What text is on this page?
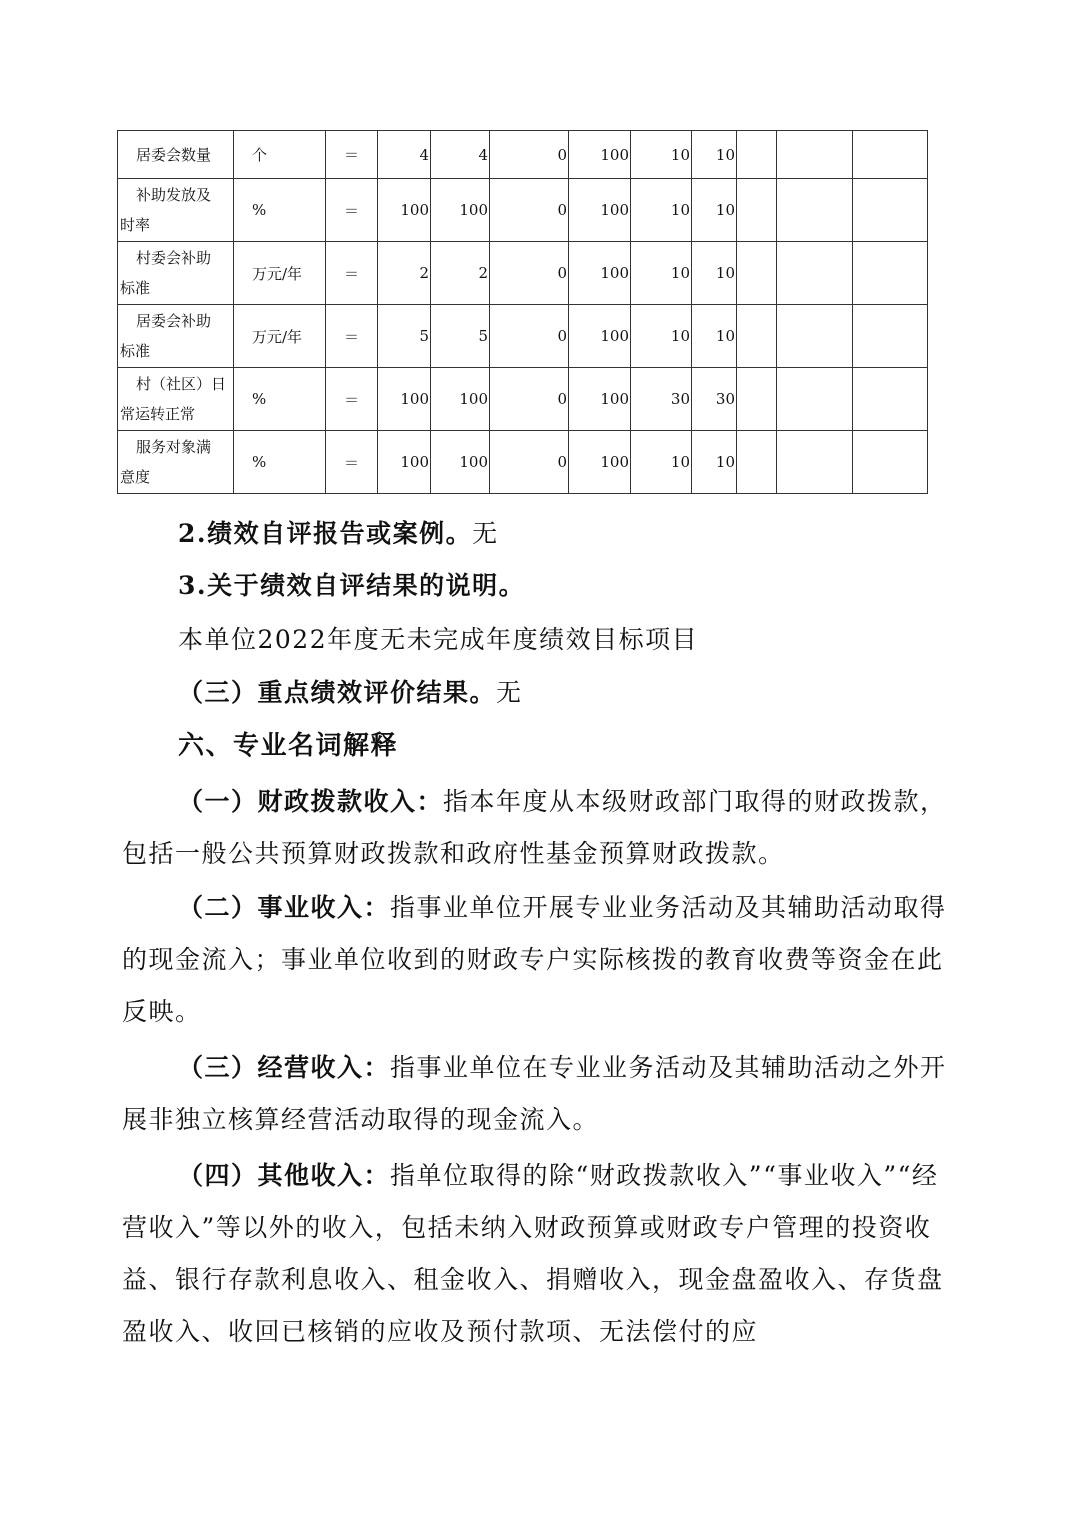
居委会数量	个	＝	4	4	0	100	10	10			
补助发放及
时率	%	＝	100	100	0	100	10	10			
村委会补助
标准	万元/年	＝	2	2	0	100	10	10			
居委会补助
标准	万元/年	＝	5	5	0	100	10	10			
村（社区）日
常运转正常	%	＝	100	100	0	100	30	30			
服务对象满
意度	%	＝	100	100	0	100	10	10			

2.绩效自评报告或案例。无

3.关于绩效自评结果的说明。

本单位2022年度无未完成年度绩效目标项目

（三）重点绩效评价结果。无

六、专业名词解释

（一）财政拨款收入：指本年度从本级财政部门取得的财政拨款，包括一般公共预算财政拨款和政府性基金预算财政拨款。

（二）事业收入：指事业单位开展专业业务活动及其辅助活动取得的现金流入；事业单位收到的财政专户实际核拨的教育收费等资金在此反映。

（三）经营收入：指事业单位在专业业务活动及其辅助活动之外开展非独立核算经营活动取得的现金流入。

（四）其他收入：指单位取得的除“财政拨款收入”“事业收入”“经营收入”等以外的收入，包括未纳入财政预算或财政专户管理的投资收益、银行存款利息收入、租金收入、捐赠收入，现金盘盈收入、存货盘盈收入、收回已核销的应收及预付款项、无法偿付的应
